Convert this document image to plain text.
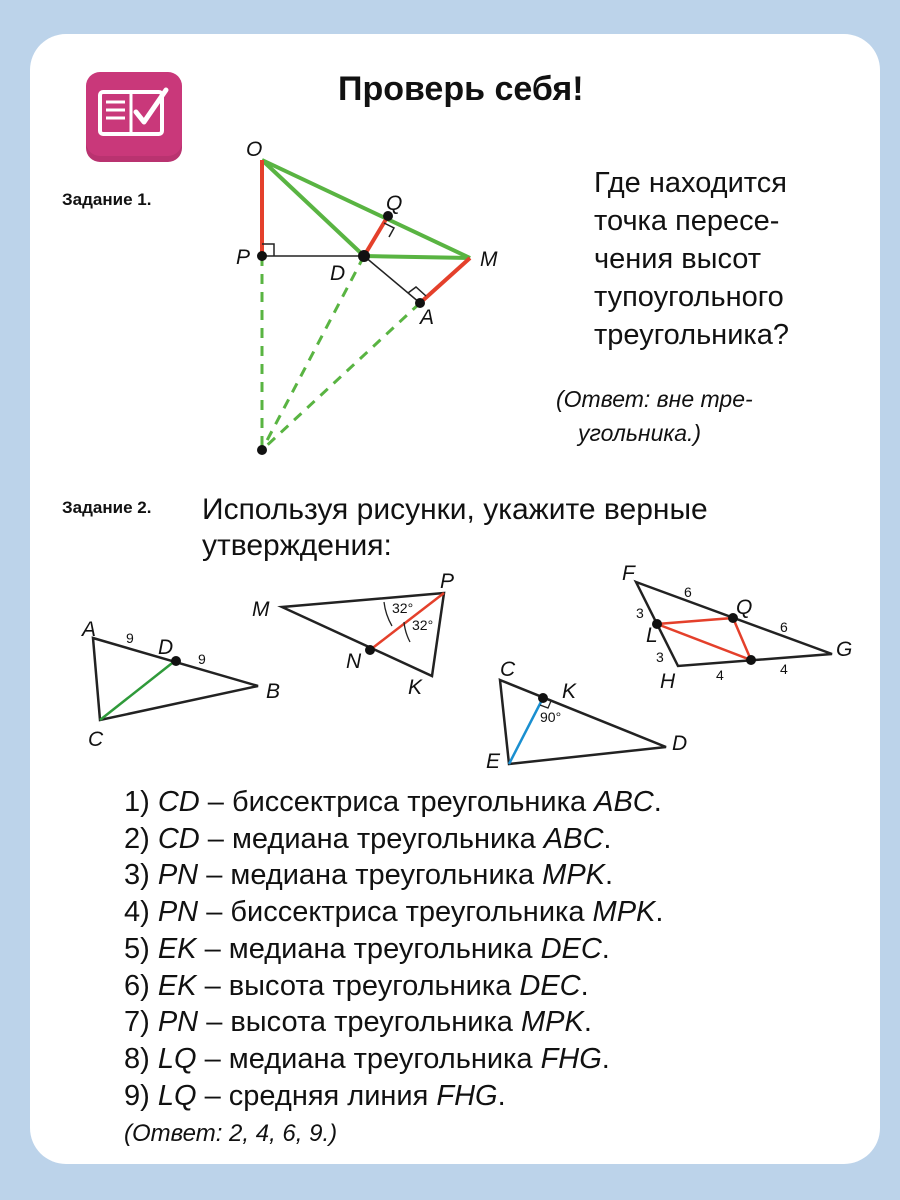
Проверь себя!
Задание 1.
O
Q
P
D
M
A
Где находится
точка пересе-
чения высот
тупоугольного
треугольника?
(Ответ: вне тре-
угольника.)
Задание 2. Используя рисунки, укажите верные
утверждения:
A
D
B
C
9
9
32°
32°
M
P
N
K
90°
C
K
D
E
F
Q
G
L
H
6
6
3
3
4	4
1) CD – биссектриса треугольника ABC.
2) CD – медиана треугольника ABC.
3) PN – медиана треугольника MPK.
4) PN – биссектриса треугольника MPK.
5) EK – медиана треугольника DEC.
6) EK – высота треугольника DEC.
7) PN – высота треугольника MPK.
8) LQ – медиана треугольника FHG.
9) LQ – средняя линия FHG.
(Ответ: 2, 4, 6, 9.)
